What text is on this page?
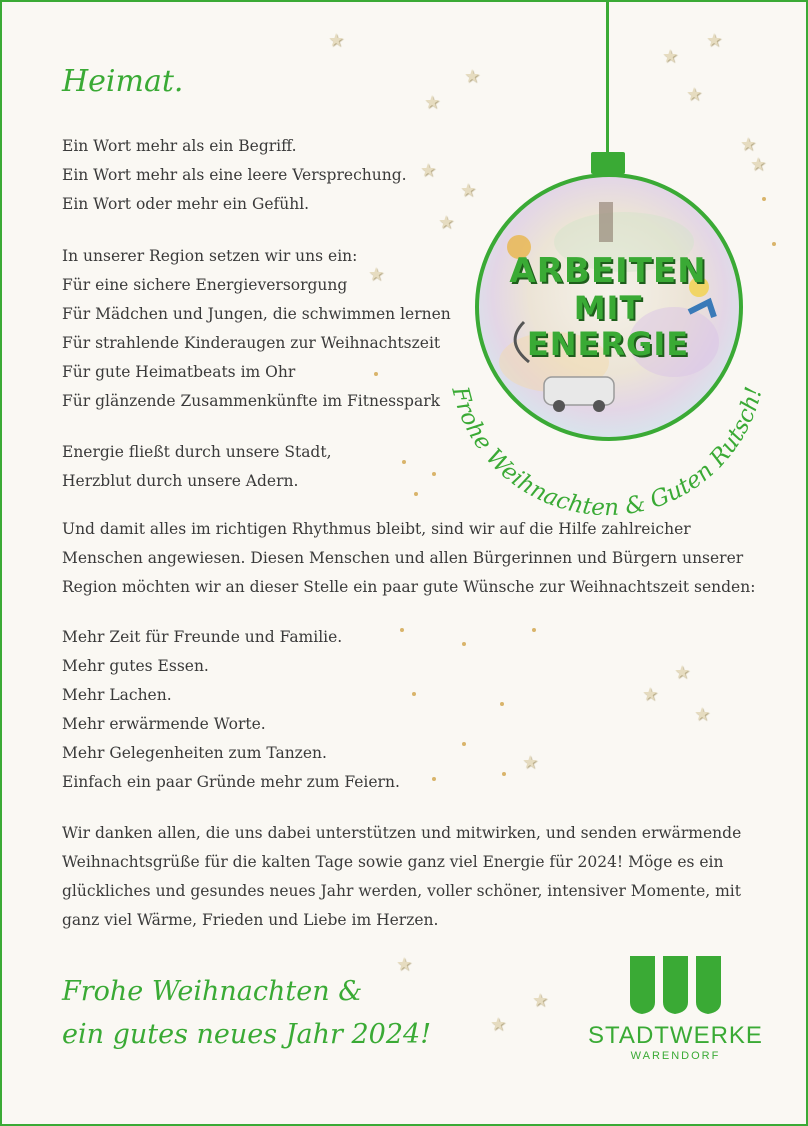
Heimat.
Ein Wort mehr als ein Begriff.
Ein Wort mehr als eine leere Versprechung.
Ein Wort oder mehr ein Gefühl.
In unserer Region setzen wir uns ein:
Für eine sichere Energieversorgung
Für Mädchen und Jungen, die schwimmen lernen
Für strahlende Kinderaugen zur Weihnachtszeit
Für gute Heimatbeats im Ohr
Für glänzende Zusammenkünfte im Fitnesspark
Energie fließt durch unsere Stadt,
Herzblut durch unsere Adern.
Und damit alles im richtigen Rhythmus bleibt, sind wir auf die Hilfe zahlreicher
Menschen angewiesen. Diesen Menschen und allen Bürgerinnen und Bürgern unserer
Region möchten wir an dieser Stelle ein paar gute Wünsche zur Weihnachtszeit senden:
Mehr Zeit für Freunde und Familie.
Mehr gutes Essen.
Mehr Lachen.
Mehr erwärmende Worte.
Mehr Gelegenheiten zum Tanzen.
Einfach ein paar Gründe mehr zum Feiern.
Wir danken allen, die uns dabei unterstützen und mitwirken, und senden erwärmende
Weihnachtsgrüße für die kalten Tage sowie ganz viel Energie für 2024! Möge es ein
glückliches und gesundes neues Jahr werden, voller schöner, intensiver Momente, mit
ganz viel Wärme, Frieden und Liebe im Herzen.
Frohe Weihnachten &
ein gutes neues Jahr 2024!
ARBEITEN
MIT ENERGIE
Frohe Weihnachten & Guten Rutsch!
★
★
★
★
★
★
★
★
★
★
★
★
★
★
★
★
★
★
★	STADTWERKE
WARENDORF
